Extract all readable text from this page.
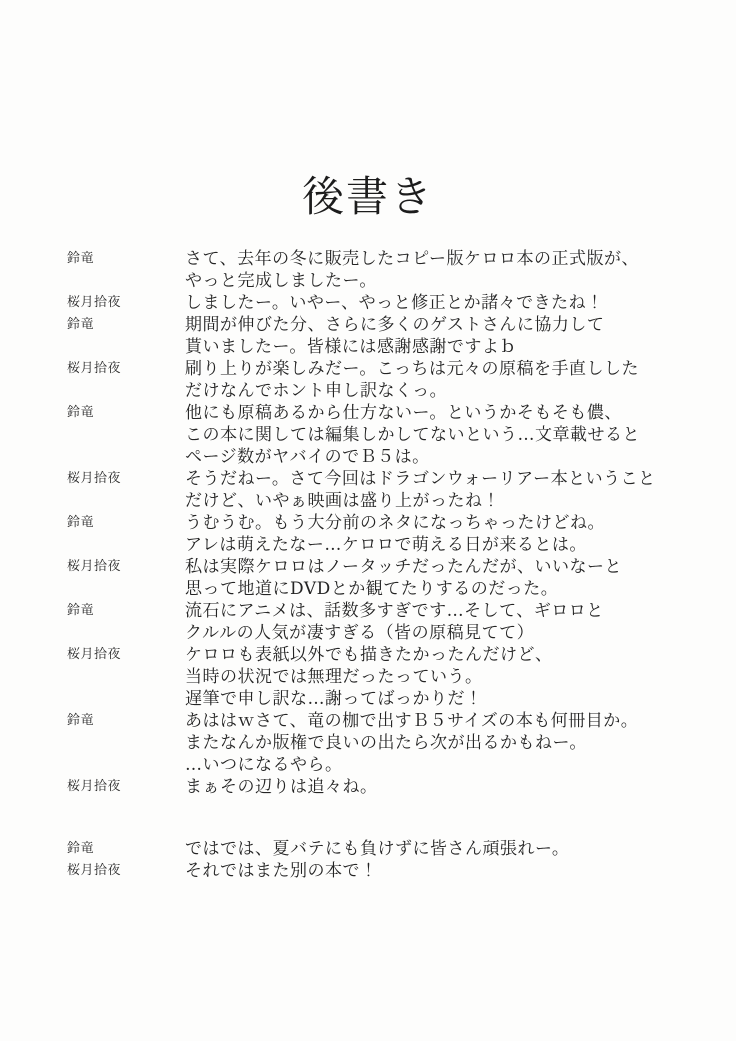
後書き
鈴竜	さて、去年の冬に販売したコピー版ケロロ本の正式版が、
やっと完成しましたー。
桜月拾夜	しましたー。いやー、やっと修正とか諸々できたね！
鈴竜	期間が伸びた分、さらに多くのゲストさんに協力して
貰いましたー。皆様には感謝感謝ですよｂ
桜月拾夜	刷り上りが楽しみだー。こっちは元々の原稿を手直しした
だけなんでホント申し訳なくっ。
鈴竜	他にも原稿あるから仕方ないー。というかそもそも儂、
この本に関しては編集しかしてないという…文章載せると
ページ数がヤバイのでＢ５は。
桜月拾夜	そうだねー。さて今回はドラゴンウォーリアー本ということ
だけど、いやぁ映画は盛り上がったね！
鈴竜	うむうむ。もう大分前のネタになっちゃったけどね。
アレは萌えたなー…ケロロで萌える日が来るとは。
桜月拾夜	私は実際ケロロはノータッチだったんだが、いいなーと
思って地道にDVDとか観てたりするのだった。
鈴竜	流石にアニメは、話数多すぎです…そして、ギロロと
クルルの人気が凄すぎる（皆の原稿見てて）
桜月拾夜	ケロロも表紙以外でも描きたかったんだけど、
当時の状況では無理だったっていう。
遅筆で申し訳な…謝ってばっかりだ！
鈴竜	あははｗさて、竜の枷で出すＢ５サイズの本も何冊目か。
またなんか版権で良いの出たら次が出るかもねー。
…いつになるやら。
桜月拾夜	まぁその辺りは追々ね。
鈴竜	ではでは、夏バテにも負けずに皆さん頑張れー。
桜月拾夜	それではまた別の本で！
